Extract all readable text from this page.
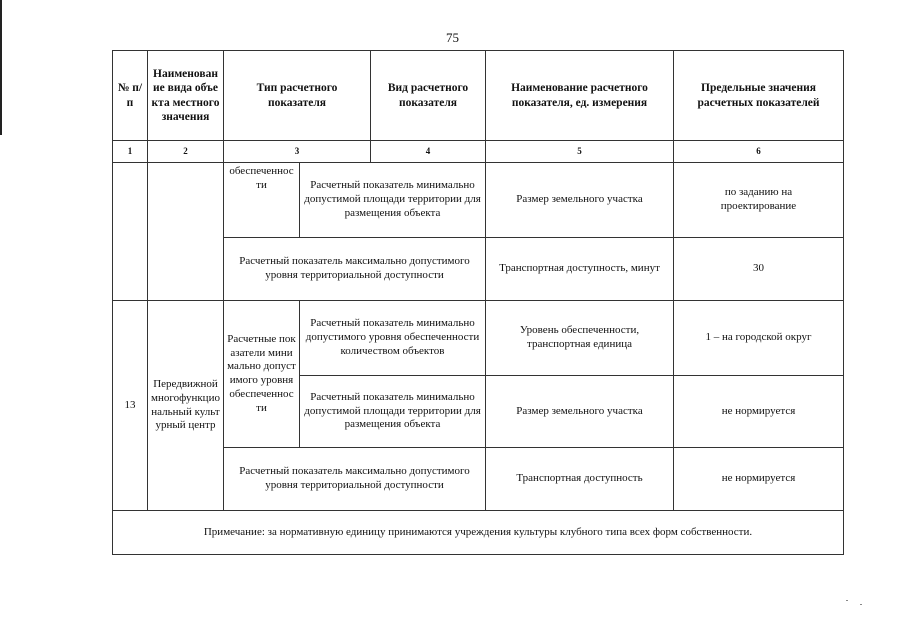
75
№ п/п	Наименование вида объекта местного значения	Тип расчетного показателя		Вид расчетного показателя	Наименование расчетного показателя, ед. измерения	Предельные значения расчетных показателей
1	2	3		4	5	6
		обеспеченности	Расчетный показатель минимально допустимой площади территории для размещения объекта		Размер земельного участка	по заданию на проектирование
		Расчетный показатель максимально допустимого уровня территориальной доступности			Транспортная доступность, минут	30
13	Передвижной многофункциональный культурный центр	Расчетные показатели минимально допустимого уровня обеспеченности	Расчетный показатель минимально допустимого уровня обеспеченности количеством объектов		Уровень обеспеченности, транспортная единица	1 – на городской округ
			Расчетный показатель минимально допустимой площади территории для размещения объекта		Размер земельного участка	не нормируется
		Расчетный показатель максимально допустимого уровня территориальной доступности			Транспортная доступность	не нормируется
Примечание: за нормативную единицу принимаются учреждения культуры клубного типа всех форм собственности.						
